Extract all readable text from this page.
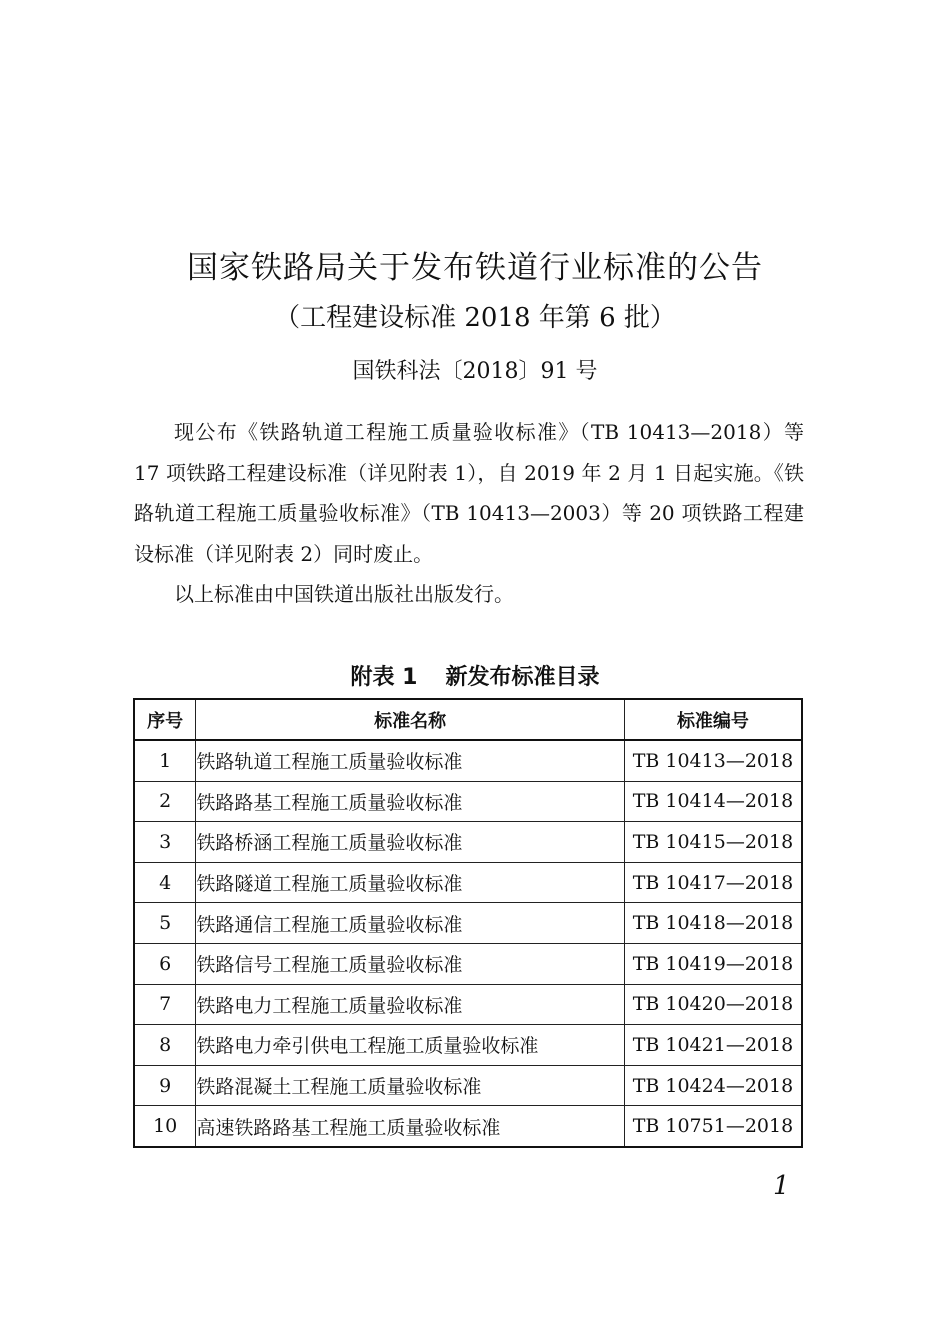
国家铁路局关于发布铁道行业标准的公告
（工程建设标准 2018 年第 6 批）
国铁科法〔2018〕91 号

现公布《铁路轨道工程施工质量验收标准》（TB 10413—2018）等 17 项铁路工程建设标准（详见附表 1），自 2019 年 2 月 1 日起实施。《铁路轨道工程施工质量验收标准》（TB 10413—2003）等 20 项铁路工程建设标准（详见附表 2）同时废止。

以上标准由中国铁道出版社出版发行。

附表 1 新发布标准目录
序号	标准名称	标准编号
1	铁路轨道工程施工质量验收标准	TB 10413—2018
2	铁路路基工程施工质量验收标准	TB 10414—2018
3	铁路桥涵工程施工质量验收标准	TB 10415—2018
4	铁路隧道工程施工质量验收标准	TB 10417—2018
5	铁路通信工程施工质量验收标准	TB 10418—2018
6	铁路信号工程施工质量验收标准	TB 10419—2018
7	铁路电力工程施工质量验收标准	TB 10420—2018
8	铁路电力牵引供电工程施工质量验收标准	TB 10421—2018
9	铁路混凝土工程施工质量验收标准	TB 10424—2018
10	高速铁路路基工程施工质量验收标准	TB 10751—2018
1
